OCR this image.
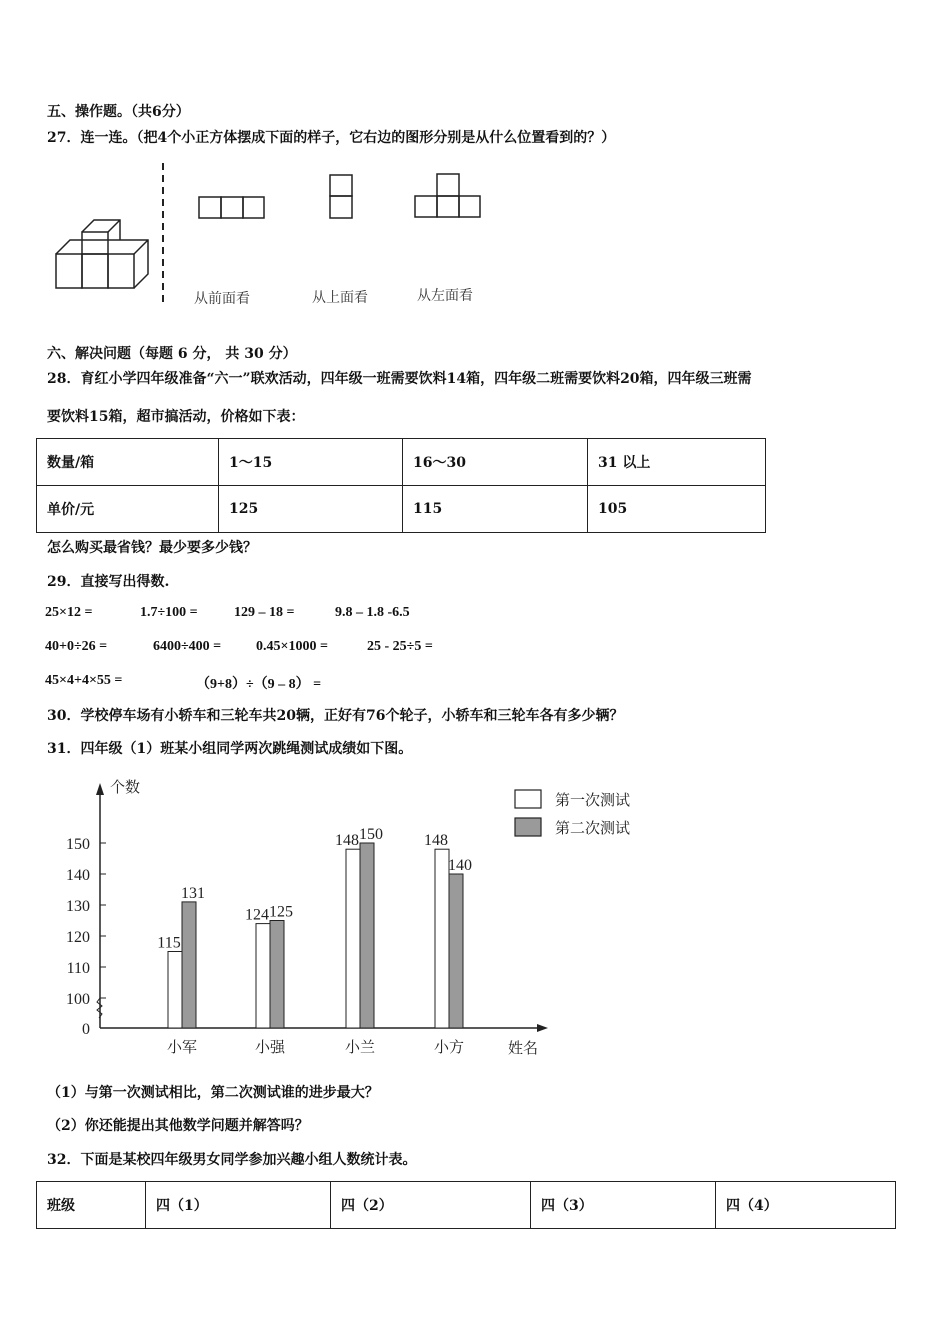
五、操作题。（共6分）
27．连一连。（把4个小正方体摆成下面的样子，它右边的图形分别是从什么位置看到的？）
从前面看	从上面看	从左面看
六、解决问题（每题 6 分， 共 30 分）
28．育红小学四年级准备“六一”联欢活动，四年级一班需要饮料14箱，四年级二班需要饮料20箱，四年级三班需
要饮料15箱，超市搞活动，价格如下表：
数量/箱	1～15	16～30	31 以上
单价/元	125	115	105
怎么购买最省钱？最少要多少钱？
29．直接写出得数.
25×12 =	1.7÷100 =	129 – 18 =	9.8 – 1.8 -6.5
40+0÷26 =	6400÷400 = 0.45×1000 =	25 - 25÷5 =
45×4+4×55 =	（9+8）÷（9 – 8） =
30．学校停车场有小轿车和三轮车共20辆，正好有76个轮子，小轿车和三轮车各有多少辆？
31．四年级（1）班某小组同学两次跳绳测试成绩如下图。
个数
姓名
0
100
110
120
130
140
150
115
131
小军
124 125
小强
148 150
小兰
148
140
小方
第一次测试
第二次测试
（1）与第一次测试相比，第二次测试谁的进步最大？
（2）你还能提出其他数学问题并解答吗？
32．下面是某校四年级男女同学参加兴趣小组人数统计表。
班级	四（1）	四（2）	四（3）	四（4）
